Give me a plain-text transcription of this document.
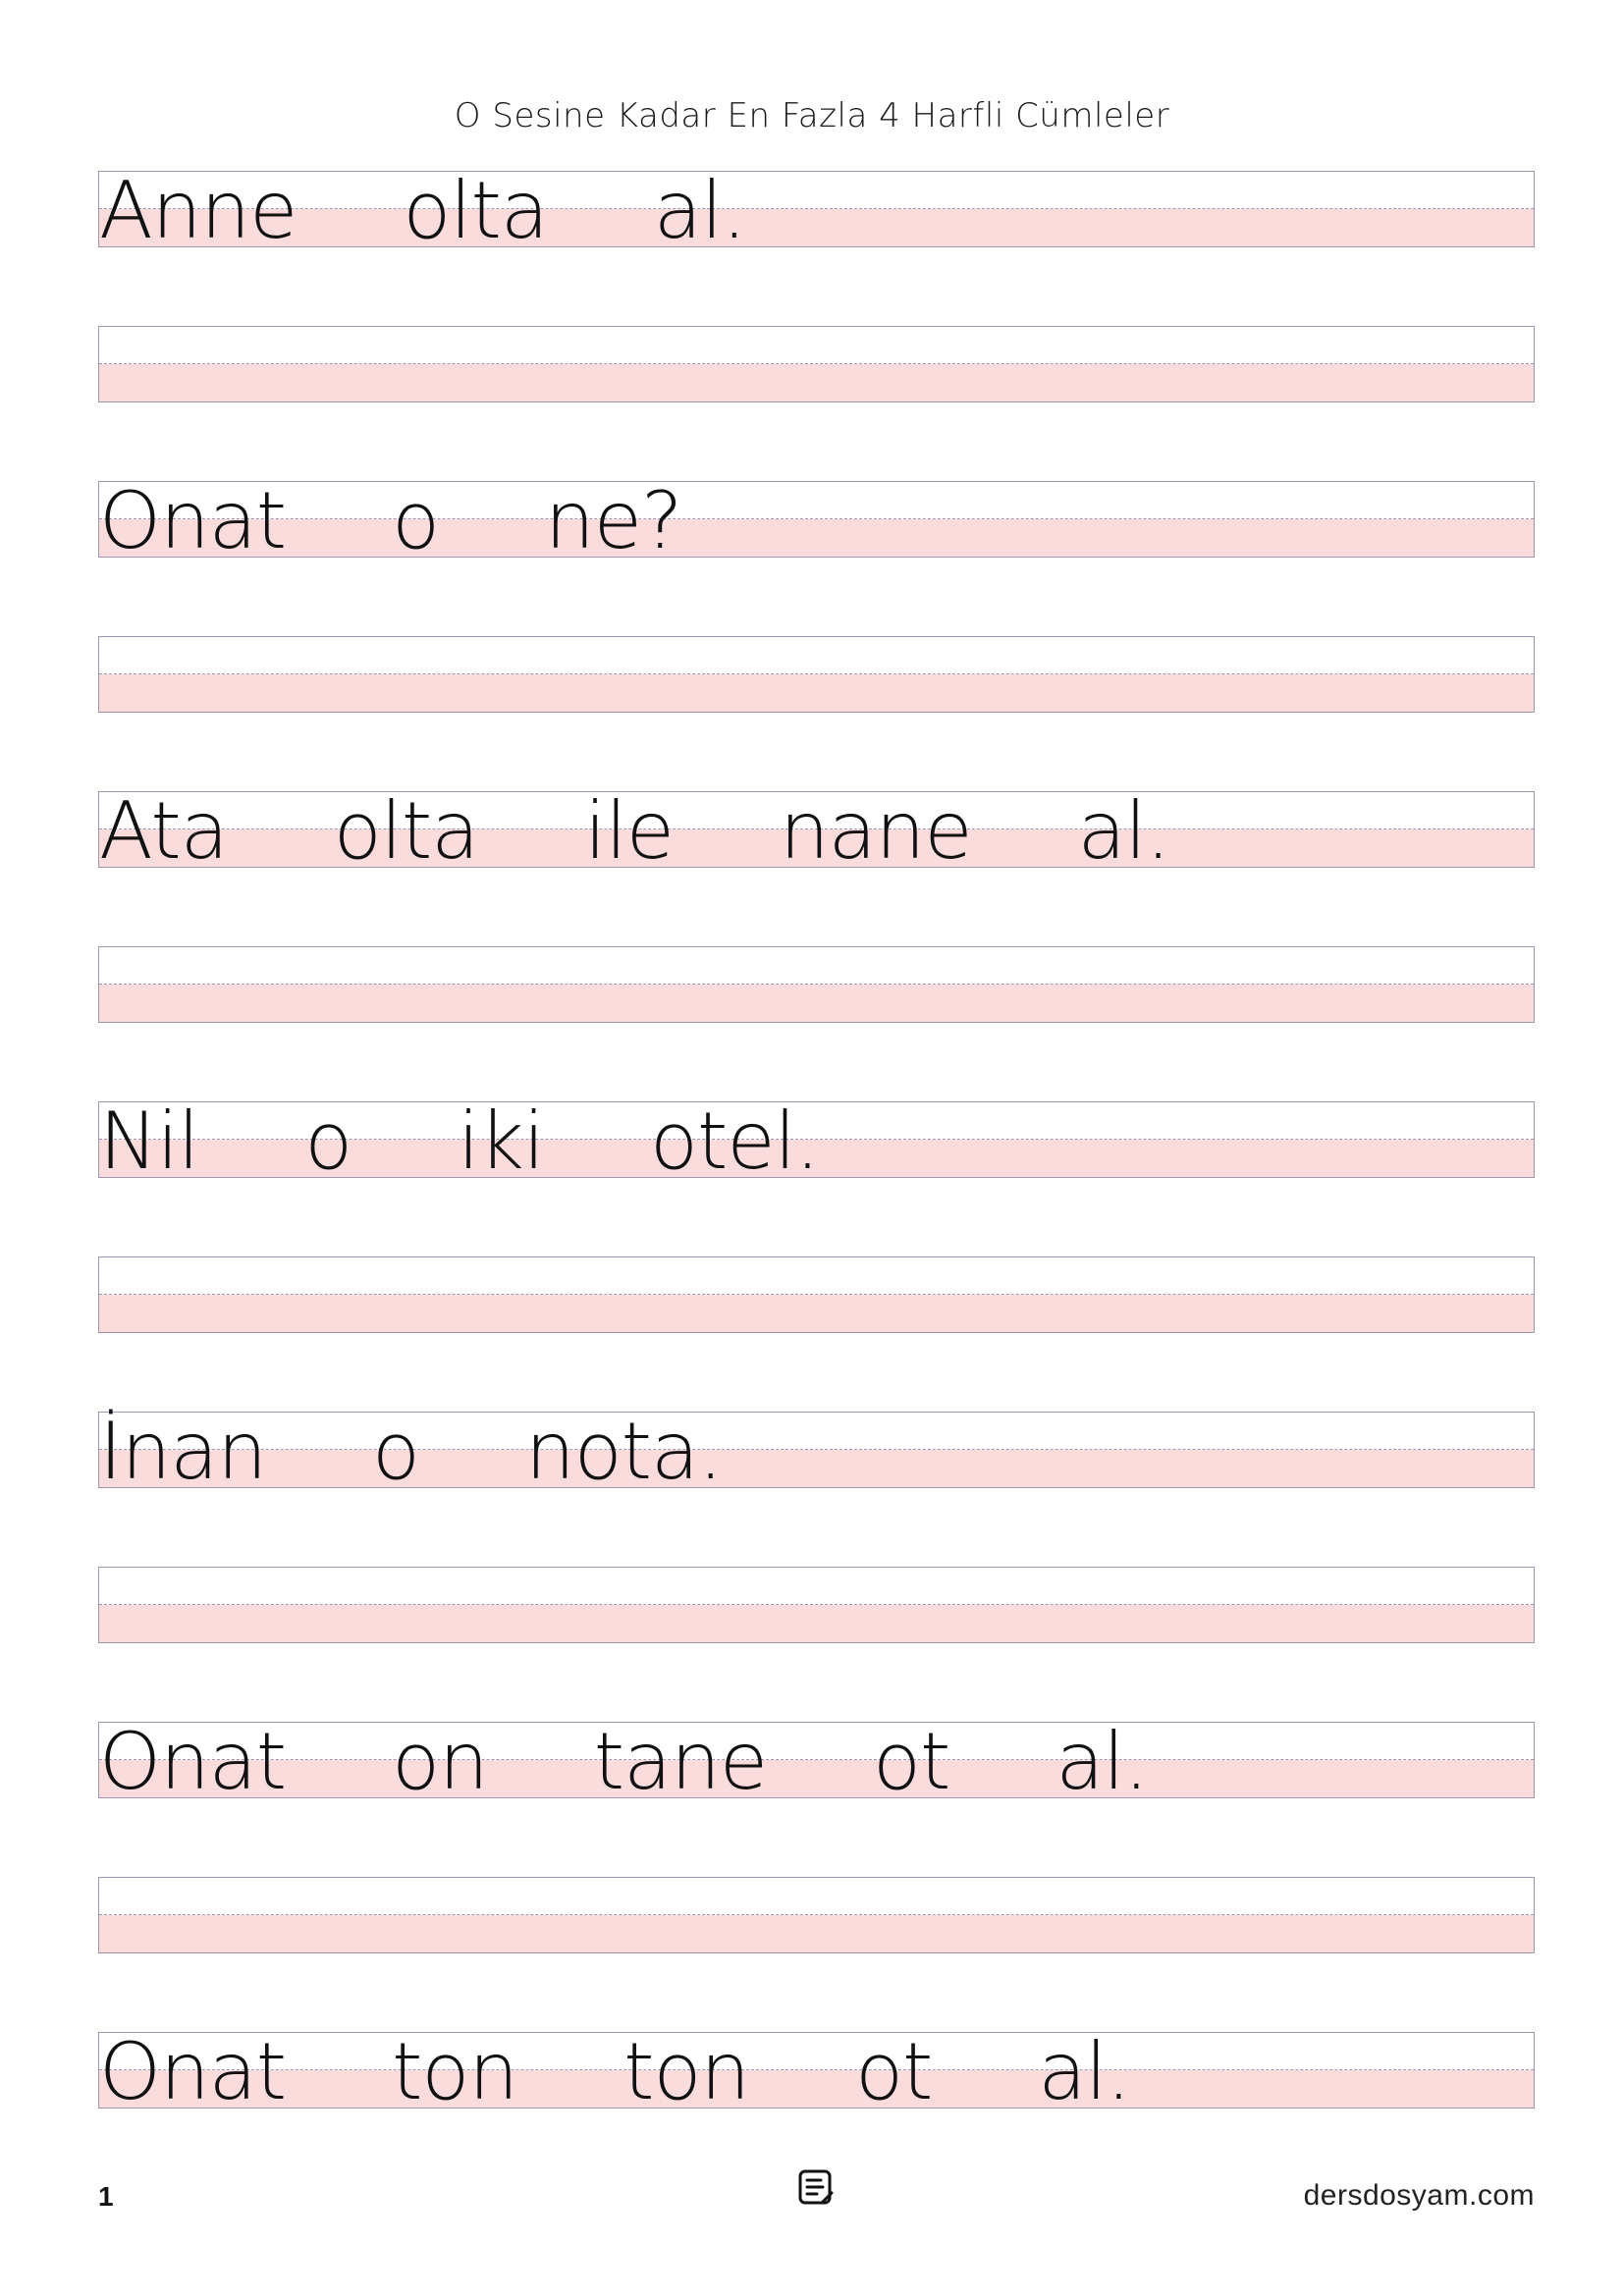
O Sesine Kadar En Fazla 4 Harfli Cümleler
Anne olta al.
Onat o ne?
Ata olta ile nane al.
Nil o iki otel.
İnan o nota.
Onat on tane ot al.
Onat ton ton ot al.
1	dersdosyam.com
